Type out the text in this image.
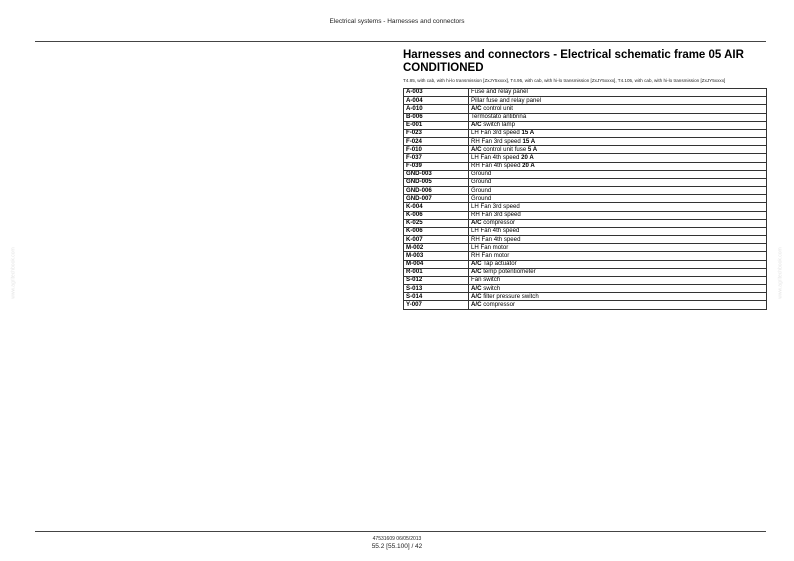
Electrical systems - Harnesses and connectors
www.agritechbook.com	www.agritechbook.com
Harnesses and connectors - Electrical schematic frame 05 AIR CONDITIONED
T4.85, with cab, with hi-lo transmission [ZxJY5xxxx], T4.95, with cab, with hi-lo transmission [ZxJY5xxxx], T4.105, with cab, with hi-lo transmission [ZxJY5xxxx]
A-003	Fuse and relay panel
A-004	Pillar fuse and relay panel
A-010	A/C control unit
B-006	Termostato antibrina
E-001	A/C switch lamp
F-023	LH Fan 3rd speed 15 A
F-024	RH Fan 3rd speed 15 A
F-010	A/C control unit fuse 5 A
F-037	LH Fan 4th speed 20 A
F-039	RH Fan 4th speed 20 A
GND-003	Ground
GND-005	Ground
GND-006	Ground
GND-007	Ground
K-004	LH Fan 3rd speed
K-006	RH Fan 3rd speed
K-025	A/C compressor
K-006	LH Fan 4th speed
K-007	RH Fan 4th speed
M-002	LH Fan motor
M-003	RH Fan motor
M-004	A/C Tap actuator
R-001	A/C temp potentiometer
S-012	Fan switch
S-013	A/C switch
S-014	A/C filter pressure switch
Y-007	A/C compressor
47531609 06/05/2013
55.2 [55.100] / 42
